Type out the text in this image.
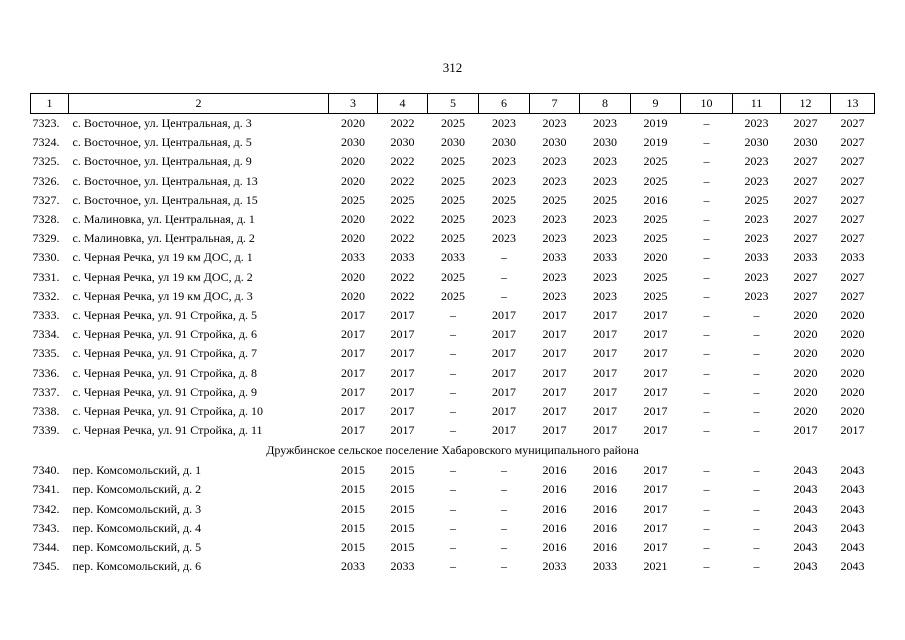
312
1	2	3	4	5	6	7	8	9	10	11	12	13
7323.	с. Восточное, ул. Центральная, д. 3	2020	2022	2025	2023	2023	2023	2019	–	2023	2027	2027
7324.	с. Восточное, ул. Центральная, д. 5	2030	2030	2030	2030	2030	2030	2019	–	2030	2030	2027
7325.	с. Восточное, ул. Центральная, д. 9	2020	2022	2025	2023	2023	2023	2025	–	2023	2027	2027
7326.	с. Восточное, ул. Центральная, д. 13	2020	2022	2025	2023	2023	2023	2025	–	2023	2027	2027
7327.	с. Восточное, ул. Центральная, д. 15	2025	2025	2025	2025	2025	2025	2016	–	2025	2027	2027
7328.	с. Малиновка, ул. Центральная, д. 1	2020	2022	2025	2023	2023	2023	2025	–	2023	2027	2027
7329.	с. Малиновка, ул. Центральная, д. 2	2020	2022	2025	2023	2023	2023	2025	–	2023	2027	2027
7330.	с. Черная Речка, ул 19 км ДОС, д. 1	2033	2033	2033	–	2033	2033	2020	–	2033	2033	2033
7331.	с. Черная Речка, ул 19 км ДОС, д. 2	2020	2022	2025	–	2023	2023	2025	–	2023	2027	2027
7332.	с. Черная Речка, ул 19 км ДОС, д. 3	2020	2022	2025	–	2023	2023	2025	–	2023	2027	2027
7333.	с. Черная Речка, ул. 91 Стройка, д. 5	2017	2017	–	2017	2017	2017	2017	–	–	2020	2020
7334.	с. Черная Речка, ул. 91 Стройка, д. 6	2017	2017	–	2017	2017	2017	2017	–	–	2020	2020
7335.	с. Черная Речка, ул. 91 Стройка, д. 7	2017	2017	–	2017	2017	2017	2017	–	–	2020	2020
7336.	с. Черная Речка, ул. 91 Стройка, д. 8	2017	2017	–	2017	2017	2017	2017	–	–	2020	2020
7337.	с. Черная Речка, ул. 91 Стройка, д. 9	2017	2017	–	2017	2017	2017	2017	–	–	2020	2020
7338.	с. Черная Речка, ул. 91 Стройка, д. 10	2017	2017	–	2017	2017	2017	2017	–	–	2020	2020
7339.	с. Черная Речка, ул. 91 Стройка, д. 11	2017	2017	–	2017	2017	2017	2017	–	–	2017	2017
Дружбинское сельское поселение Хабаровского муниципального района												
7340.	пер. Комсомольский, д. 1	2015	2015	–	–	2016	2016	2017	–	–	2043	2043
7341.	пер. Комсомольский, д. 2	2015	2015	–	–	2016	2016	2017	–	–	2043	2043
7342.	пер. Комсомольский, д. 3	2015	2015	–	–	2016	2016	2017	–	–	2043	2043
7343.	пер. Комсомольский, д. 4	2015	2015	–	–	2016	2016	2017	–	–	2043	2043
7344.	пер. Комсомольский, д. 5	2015	2015	–	–	2016	2016	2017	–	–	2043	2043
7345.	пер. Комсомольский, д. 6	2033	2033	–	–	2033	2033	2021	–	–	2043	2043
